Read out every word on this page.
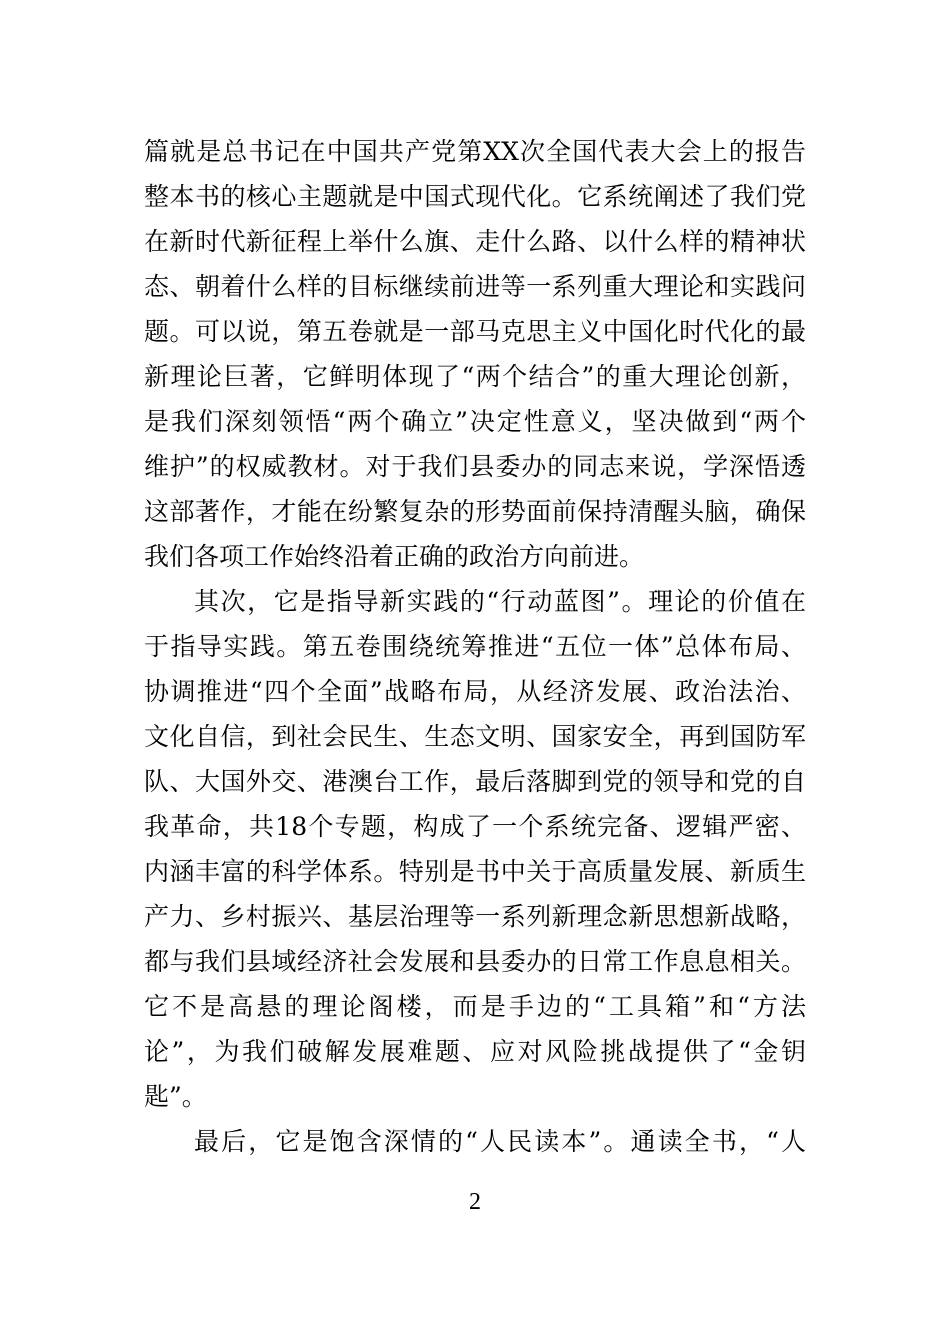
篇就是总书记在中国共产党第XX次全国代表大会上的报告
整本书的核心主题就是中国式现代化。它系统阐述了我们党
在新时代新征程上举什么旗、走什么路、以什么样的精神状
态、朝着什么样的目标继续前进等一系列重大理论和实践问
题。可以说，第五卷就是一部马克思主义中国化时代化的最
新理论巨著，它鲜明体现了“两个结合”的重大理论创新，
是我们深刻领悟“两个确立”决定性意义，坚决做到“两个
维护”的权威教材。对于我们县委办的同志来说，学深悟透
这部著作，才能在纷繁复杂的形势面前保持清醒头脑，确保
我们各项工作始终沿着正确的政治方向前进。
其次，它是指导新实践的“行动蓝图”。理论的价值在
于指导实践。第五卷围绕统筹推进“五位一体”总体布局、
协调推进“四个全面”战略布局，从经济发展、政治法治、
文化自信，到社会民生、生态文明、国家安全，再到国防军
队、大国外交、港澳台工作，最后落脚到党的领导和党的自
我革命，共18个专题，构成了一个系统完备、逻辑严密、
内涵丰富的科学体系。特别是书中关于高质量发展、新质生
产力、乡村振兴、基层治理等一系列新理念新思想新战略，
都与我们县域经济社会发展和县委办的日常工作息息相关。
它不是高悬的理论阁楼，而是手边的“工具箱”和“方法
论”，为我们破解发展难题、应对风险挑战提供了“金钥
匙”。
最后，它是饱含深情的“人民读本”。通读全书，“人
2
